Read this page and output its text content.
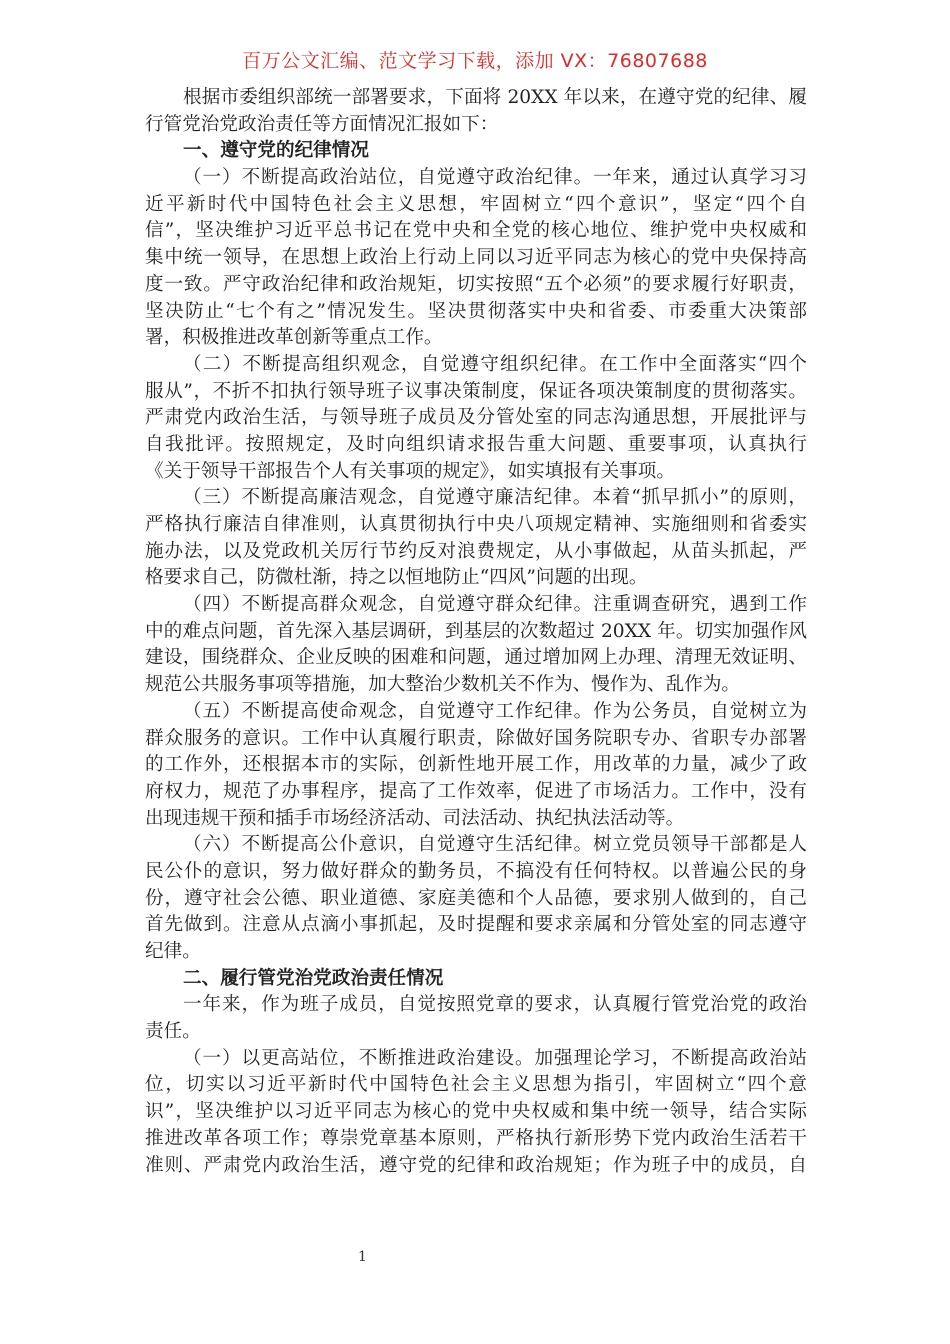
百万公文汇编、范文学习下载，添加 VX：76807688
根据市委组织部统一部署要求，下面将 20XX 年以来，在遵守党的纪律、履
行管党治党政治责任等方面情况汇报如下：
一、遵守党的纪律情况
（一）不断提高政治站位，自觉遵守政治纪律。一年来，通过认真学习习
近平新时代中国特色社会主义思想，牢固树立“四个意识”，坚定“四个自
信”，坚决维护习近平总书记在党中央和全党的核心地位、维护党中央权威和
集中统一领导，在思想上政治上行动上同以习近平同志为核心的党中央保持高
度一致。严守政治纪律和政治规矩，切实按照“五个必须”的要求履行好职责，
坚决防止“七个有之”情况发生。坚决贯彻落实中央和省委、市委重大决策部
署，积极推进改革创新等重点工作。
（二）不断提高组织观念，自觉遵守组织纪律。在工作中全面落实“四个
服从”，不折不扣执行领导班子议事决策制度，保证各项决策制度的贯彻落实。
严肃党内政治生活，与领导班子成员及分管处室的同志沟通思想，开展批评与
自我批评。按照规定，及时向组织请求报告重大问题、重要事项，认真执行
《关于领导干部报告个人有关事项的规定》，如实填报有关事项。
（三）不断提高廉洁观念，自觉遵守廉洁纪律。本着“抓早抓小”的原则，
严格执行廉洁自律准则，认真贯彻执行中央八项规定精神、实施细则和省委实
施办法，以及党政机关厉行节约反对浪费规定，从小事做起，从苗头抓起，严
格要求自己，防微杜渐，持之以恒地防止“四风”问题的出现。
（四）不断提高群众观念，自觉遵守群众纪律。注重调查研究，遇到工作
中的难点问题，首先深入基层调研，到基层的次数超过 20XX 年。切实加强作风
建设，围绕群众、企业反映的困难和问题，通过增加网上办理、清理无效证明、
规范公共服务事项等措施，加大整治少数机关不作为、慢作为、乱作为。
（五）不断提高使命观念，自觉遵守工作纪律。作为公务员，自觉树立为
群众服务的意识。工作中认真履行职责，除做好国务院职专办、省职专办部署
的工作外，还根据本市的实际，创新性地开展工作，用改革的力量，减少了政
府权力，规范了办事程序，提高了工作效率，促进了市场活力。工作中，没有
出现违规干预和插手市场经济活动、司法活动、执纪执法活动等。
（六）不断提高公仆意识，自觉遵守生活纪律。树立党员领导干部都是人
民公仆的意识，努力做好群众的勤务员，不搞没有任何特权。以普遍公民的身
份，遵守社会公德、职业道德、家庭美德和个人品德，要求别人做到的，自己
首先做到。注意从点滴小事抓起，及时提醒和要求亲属和分管处室的同志遵守
纪律。
二、履行管党治党政治责任情况
一年来，作为班子成员，自觉按照党章的要求，认真履行管党治党的政治
责任。
（一）以更高站位，不断推进政治建设。加强理论学习，不断提高政治站
位，切实以习近平新时代中国特色社会主义思想为指引，牢固树立“四个意
识”，坚决维护以习近平同志为核心的党中央权威和集中统一领导，结合实际
推进改革各项工作；尊崇党章基本原则，严格执行新形势下党内政治生活若干
准则、严肃党内政治生活，遵守党的纪律和政治规矩；作为班子中的成员，自
1
